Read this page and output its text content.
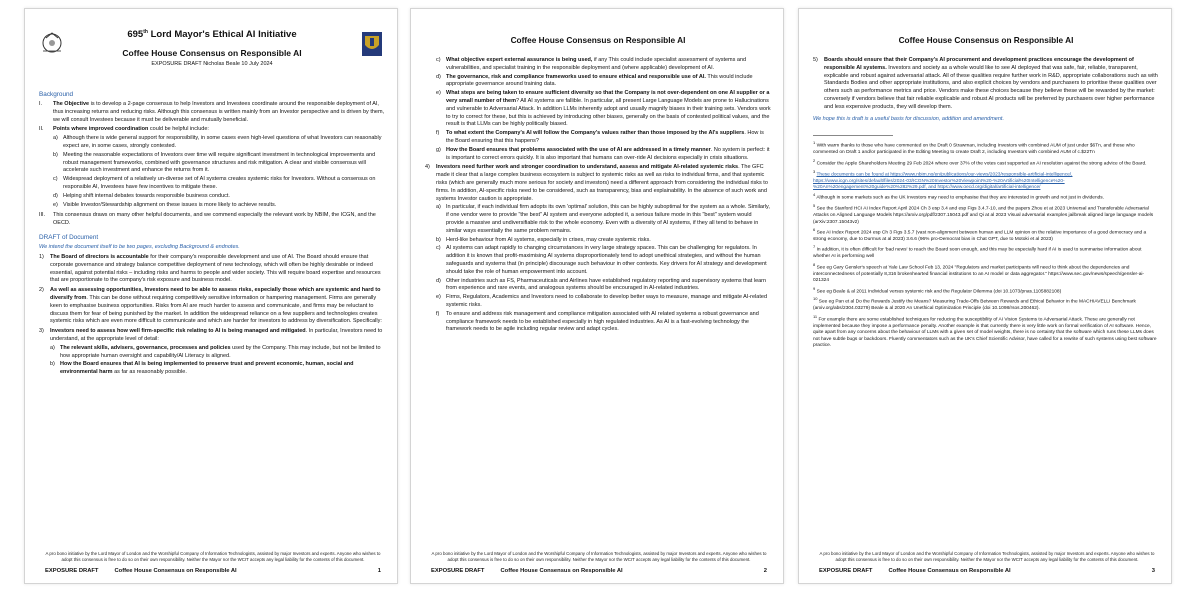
695th Lord Mayor's Ethical AI Initiative
Coffee House Consensus on Responsible AI
EXPOSURE DRAFT Nicholas Beale 10 July 2024
Background
I.	The Objective is to develop a 2-page consensus to help Investors and Investees coordinate around the responsible deployment of AI, thus increasing returns and reducing risks. Although this consensus is written mainly from an Investor perspective and is driven by them, we will consult Investees because it must be deliverable and mutually beneficial.
II.	Points where improved coordination could be helpful include:
a) Although there is wide general support for responsibility, in some cases even high-level questions of what Investors can reasonably expect are, in some cases, strongly contested.
b) Meeting the reasonable expectations of Investors over time will require significant investment in technological improvements and robust management frameworks, combined with governance structures and risk mitigation. A clear and visible consensus will accelerate such investment and enhance the returns from it.
c) Widespread deployment of a relatively un-diverse set of AI systems creates systemic risks for Investors. Without a consensus on responsible AI, Investees have few incentives to mitigate these.
d) Helping shift internal debates towards responsible business conduct.
e) Visible Investor/Stewardship alignment on these issues is more likely to achieve results.
III.	This consensus draws on many other helpful documents, and we commend especially the relevant work by NBIM, the ICGN, and the OECD.
DRAFT of Document
We intend the document itself to be two pages, excluding Background & endnotes.
1)	The Board of directors is accountable for their company's responsible development and use of AI. The Board should ensure that corporate governance and strategy balance competitive deployment of new technology, which will often be highly desirable or indeed essential, against potential risks – including risks and harms to people and wider society. This will require board expertise and resources that are proportionate to the company's risk exposure and business model.
2)	As well as assessing opportunities, Investors need to be able to assess risks, especially those which are systemic and hard to diversify from. This can be done without requiring competitively sensitive information or hampering management. Firms are generally keen to emphasise business opportunities. Risks from AI are much harder to assess and communicate, and firms may be reluctant to discuss them for fear of being punished by the market. In addition the widespread reliance on a few suppliers and technologies creates systemic risks which are even more difficult to communicate and which are harder for investors to address by diversification. Specifically:
3)	Investors need to assess how well firm-specific risk relating to AI is being managed and mitigated. In particular, Investors need to understand, at the appropriate level of detail:
a) The relevant skills, advisers, governance, processes and policies used by the Company. This may include, but not be limited to how appropriate human oversight and capability/AI Literacy is aligned.
b) How the Board ensures that AI is being implemented to preserve trust and prevent economic, human, social and environmental harm as far as reasonably possible.
A pro bono initiative by the Lord Mayor of London and the Worshipful Company of Information Technologists, assisted by major Investors and experts. Anyone who wishes to adopt this consensus is free to do so on their own responsibility. Neither the Mayor nor the WCIT accepts any legal liability for the contents of this document.
EXPOSURE DRAFT	Coffee House Consensus on Responsible AI	1
Coffee House Consensus on Responsible AI
c) What objective expert external assurance is being used, if any This could include specialist assessment of systems and vulnerabilities, and specialist training in the responsible deployment and (where applicable) development of AI.
d) The governance, risk and compliance frameworks used to ensure ethical and responsible use of AI. This would include appropriate governance around training data.
e) What steps are being taken to ensure sufficient diversity so that the Company is not over-dependent on one AI supplier or a very small number of them? All AI systems are fallible. In particular, all present Large Language Models are prone to Hallucinations and vulnerable to Adversarial Attack. In addition LLMs inherently adopt and usually magnify biases in their training sets. Vendors work to try to correct for these, but this is achieved by introducing other biases, generally on the basis of contested political values, and the result is that LLMs can be highly politically biased.
f)	To what extent the Company's AI will follow the Company's values rather than those imposed by the AI's suppliers. How is the Board ensuring that this happens?
g) How the Board ensures that problems associated with the use of AI are addressed in a timely manner. No system is perfect: it is important to correct errors quickly. It is also important that humans can over-ride AI decisions especially in crisis situations.
4)	Investors need further work and stronger coordination to understand, assess and mitigate AI-related systemic risks. The GFC made it clear that a large complex business ecosystem is subject to systemic risks as well as risks to individual firms, and that systemic risks (which are generally much more serious for society and investors) need a different approach from considering the individual risks to firms. In addition, AI-specific risks need to be considered, such as transparency, bias and explainability. In the absence of such work and systems Investor caution is appropriate.
a) In particular, if each individual firm adopts its own 'optimal' solution, this can be highly suboptimal for the system as a whole. Similarly, if one vendor were to provide "the best" AI system and everyone adopted it, a serious failure mode in this "best" system would provide a massive and undiversifiable risk to the whole economy. Even with a diversity of AI systems, if they all tend to behave in similar ways essentially the same problem remains.
b) Herd-like behaviour from AI systems, especially in crises, may create systemic risks.
c) AI systems can adapt rapidly to changing circumstances in very large strategy spaces. This can be challenging for regulators. In addition it is known that profit-maximising AI systems disproportionately tend to adopt unethical strategies, and without the human safeguards and systems that (in principle) discourage such behaviour in other contexts. Key drivers for AI strategy and development should take the role of human empowerment into account.
d) Other industries such as FS, Pharmaceuticals and Airlines have established regulatory reporting and supervisory systems that learn from experience and rare events, and analogous systems should be encouraged in AI-related industries.
e) Firms, Regulators, Academics and Investors need to collaborate to develop better ways to measure, manage and mitigate AI-related systemic risks.
f)	To ensure and address risk management and compliance mitigation associated with AI related systems a robust governance and compliance framework needs to be established especially in high regulated industries. As AI is a fast-evolving technology the framework needs to be agile including regular review and adapt cycles.
A pro bono initiative by the Lord Mayor of London and the Worshipful Company of Information Technologists, assisted by major Investors and experts. Anyone who wishes to adopt this consensus is free to do so on their own responsibility. Neither the Mayor nor the WCIT accepts any legal liability for the contents of this document.
EXPOSURE DRAFT	Coffee House Consensus on Responsible AI	2
Coffee House Consensus on Responsible AI
5)	Boards should ensure that their Company's AI procurement and development practices encourage the development of responsible AI systems. Investors and society as a whole would like to see AI deployed that was safe, fair, reliable, transparent, explicable and robust against adversarial attack. All of these qualities require further work in R&D, appropriate collaborations such as with Standards Bodies and other appropriate institutions, and also explicit choices by vendors and purchasers to prioritise these qualities over others such as performance metrics and price. Vendors make these choices because they believe these will be rewarded by the market: conversely if vendors believe that fair reliable explicable and robust AI products will be preferred by purchasers over higher performance and less expensive products, they will develop them.
We hope this is draft is a useful basis for discussion, addition and amendment.
$^1$ With warm thanks to those who have commented on the Draft 0 Strawman, including Investors with combined AUM of just under $6Tn, and those who commented on Draft 1 and/or participated in the Editing Meeting to create Draft 2, including Investors with combined AUM of c.$22Tn
$^2$ Consider the Apple Shareholders Meeting 29 Feb 2024 where over 37% of the votes cast supported an AI resolution against the strong advice of the Board.
$^3$ These documents can be found at https://www.nbim.no/en/publications/our-views/2023/responsible-artificial-intelligence/, https://www.icgn.org/sites/default/files/2024-03/ICGN%20Investor%20Viewpoint%20-%20Artificial%20Intelligence%20-%20An%20engagement%20guide%20%282%29.pdf, and https://www.oecd.org/digital/artificial-intelligence/
$^4$ Although in some markets such as the UK Investors may need to emphasise that they are interested in growth and not just in dividends.
$^5$ See the Stanford HCI AI Index Report April 2024 Ch 3 esp 3.4 and esp Figs 3.4.7-10, and the papers Zhou et at 2023 Universal and Transferable Adversarial Attacks on Aligned Language Models https://arxiv.org/pdf/2307.15043.pdf and Qi at al 2023 Visual adversarial examples jailbreak aligned large language models (arXiv:2307.15043v2)
$^6$ See AI Index Report 2024 esp Ch 3 Figs 3.5.7 (vast non-alignment between human and LLM opinion on the relative importance of a good democracy and a strong economy, due to Durmus at al 2023) 3.6.6 (96% pro-Democrat bias in Chat GPT, due to Motoki et al 2023)
$^7$ In addition, it is often difficult for 'bad news' to reach the Board soon enough, and this may be especially hard if AI is used to summarise information about whether AI is performing well
$^8$ See eg Gary Gensler's speech at Yale Law School Feb 13, 2024 "Regulators and market participants will need to think about the dependencies and interconnectedness of potentially 8,316 brokenhearted financial institutions to an AI model or data aggregator." https://www.sec.gov/news/speech/gensler-ai-021324
$^9$ See eg Beale & al 2011 Individual versus systemic risk and the Regulator Dilemma (doi 10.1073/pnas.1105882108)
$^{10}$ See eg Pan et al Do the Rewards Justify the Means? Measuring Trade-Offs Between Rewards and Ethical Behavior in the MACHIAVELLI Benchmark (arxiv.org/abs/2304.03279) Beale & al 2020 An Unethical Optimization Principle (doi 10.1098/rsos.200462).
$^{11}$ For example there are some established techniques for reducing the susceptibility of AI Vision Systems to Adversarial Attack. These are generally not implemented because they impose a performance penalty. Another example is that currently there is very little work on formal verification of AI software. Hence, quite apart from any concerns about the behaviour of LLMs with a given set of model weights, there is no certainty that the software which runs these LLMs does not have subtle bugs or backdoors. Fluently commentators such as the UK's Chief Scientific Advisor, have called for a rewrite of such systems using best software practice.
A pro bono initiative by the Lord Mayor of London and the Worshipful Company of Information Technologists, assisted by major Investors and experts. Anyone who wishes to adopt this consensus is free to do so on their own responsibility. Neither the Mayor nor the WCIT accepts any legal liability for the contents of this document.
EXPOSURE DRAFT	Coffee House Consensus on Responsible AI	3
